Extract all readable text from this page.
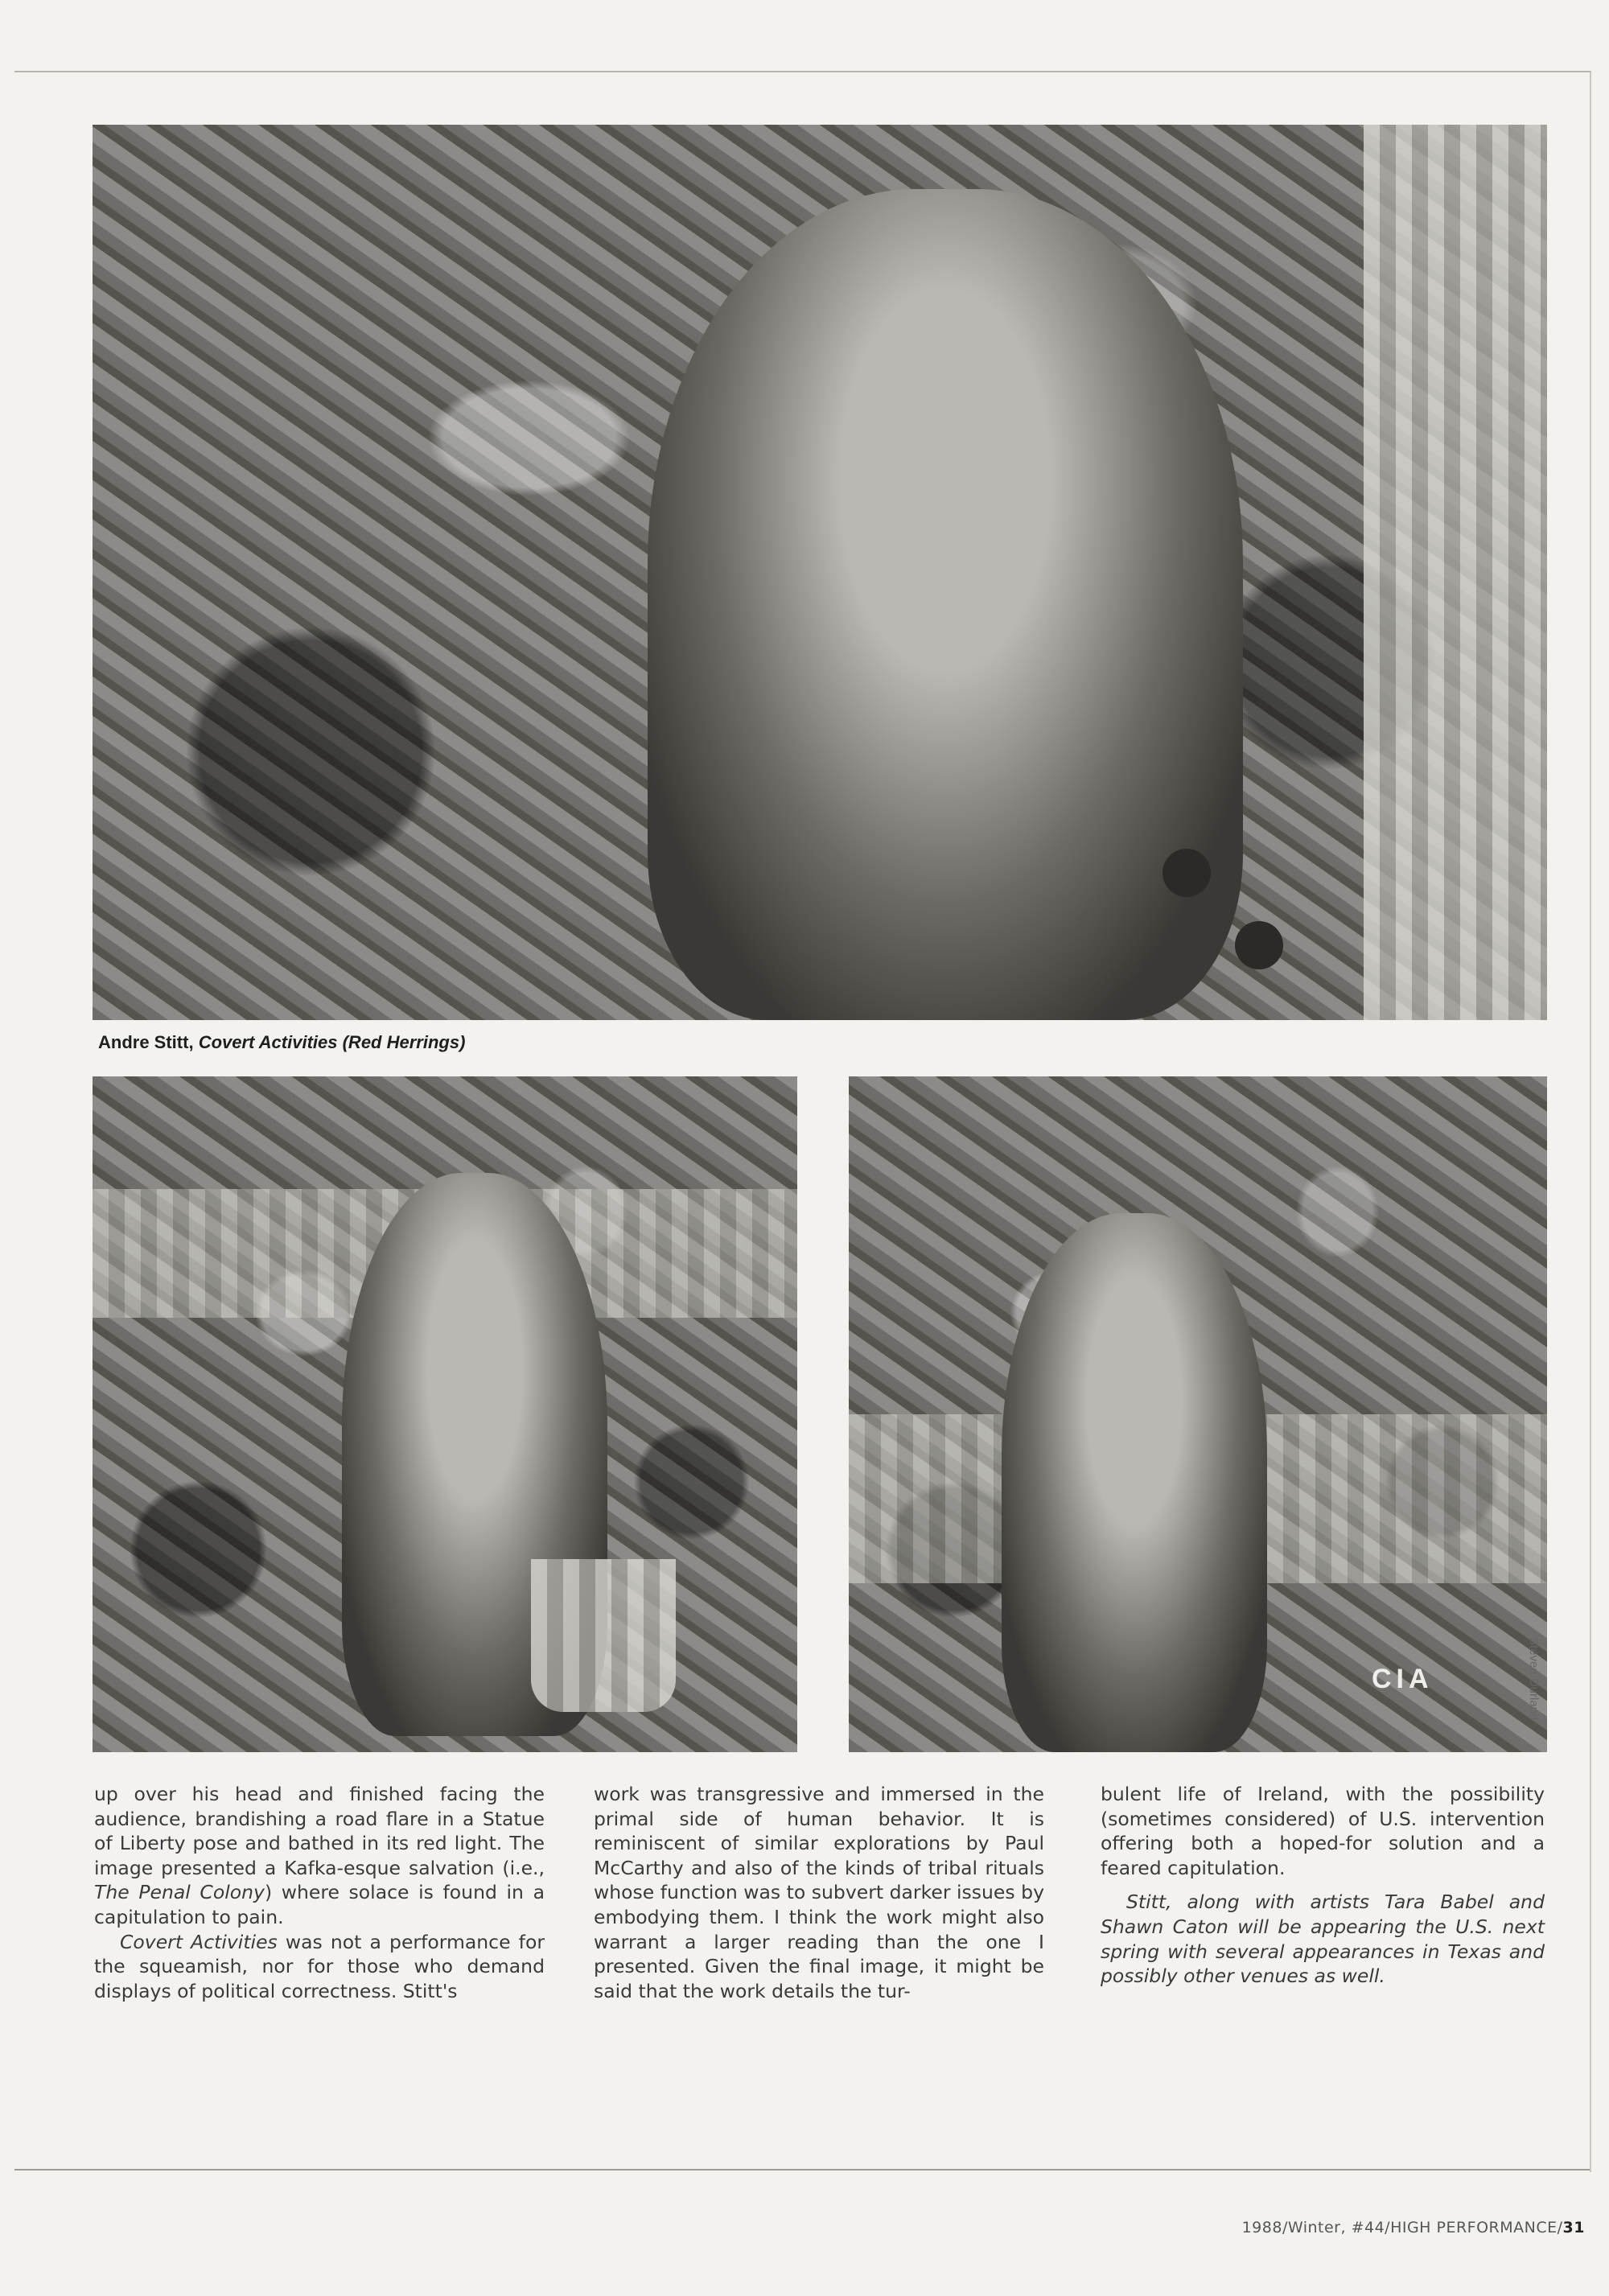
Andre Stitt, Covert Activities (Red Herrings)
CIA	Steven Durland

up over his head and finished facing the audience, brandishing a road flare in a Statue of Liberty pose and bathed in its red light. The image presented a Kafka-esque salvation (i.e., The Penal Colony) where solace is found in a capitulation to pain.

Covert Activities was not a performance for the squeamish, nor for those who demand displays of political correctness. Stitt's

work was transgressive and immersed in the primal side of human behavior. It is reminiscent of similar explorations by Paul McCarthy and also of the kinds of tribal rituals whose function was to subvert darker issues by embodying them. I think the work might also warrant a larger reading than the one I presented. Given the final image, it might be said that the work details the tur-

bulent life of Ireland, with the possibility (sometimes considered) of U.S. intervention offering both a hoped-for solution and a feared capitulation.

Stitt, along with artists Tara Babel and Shawn Caton will be appearing the U.S. next spring with several appearances in Texas and possibly other venues as well.

1988/Winter, #44/HIGH PERFORMANCE/31
